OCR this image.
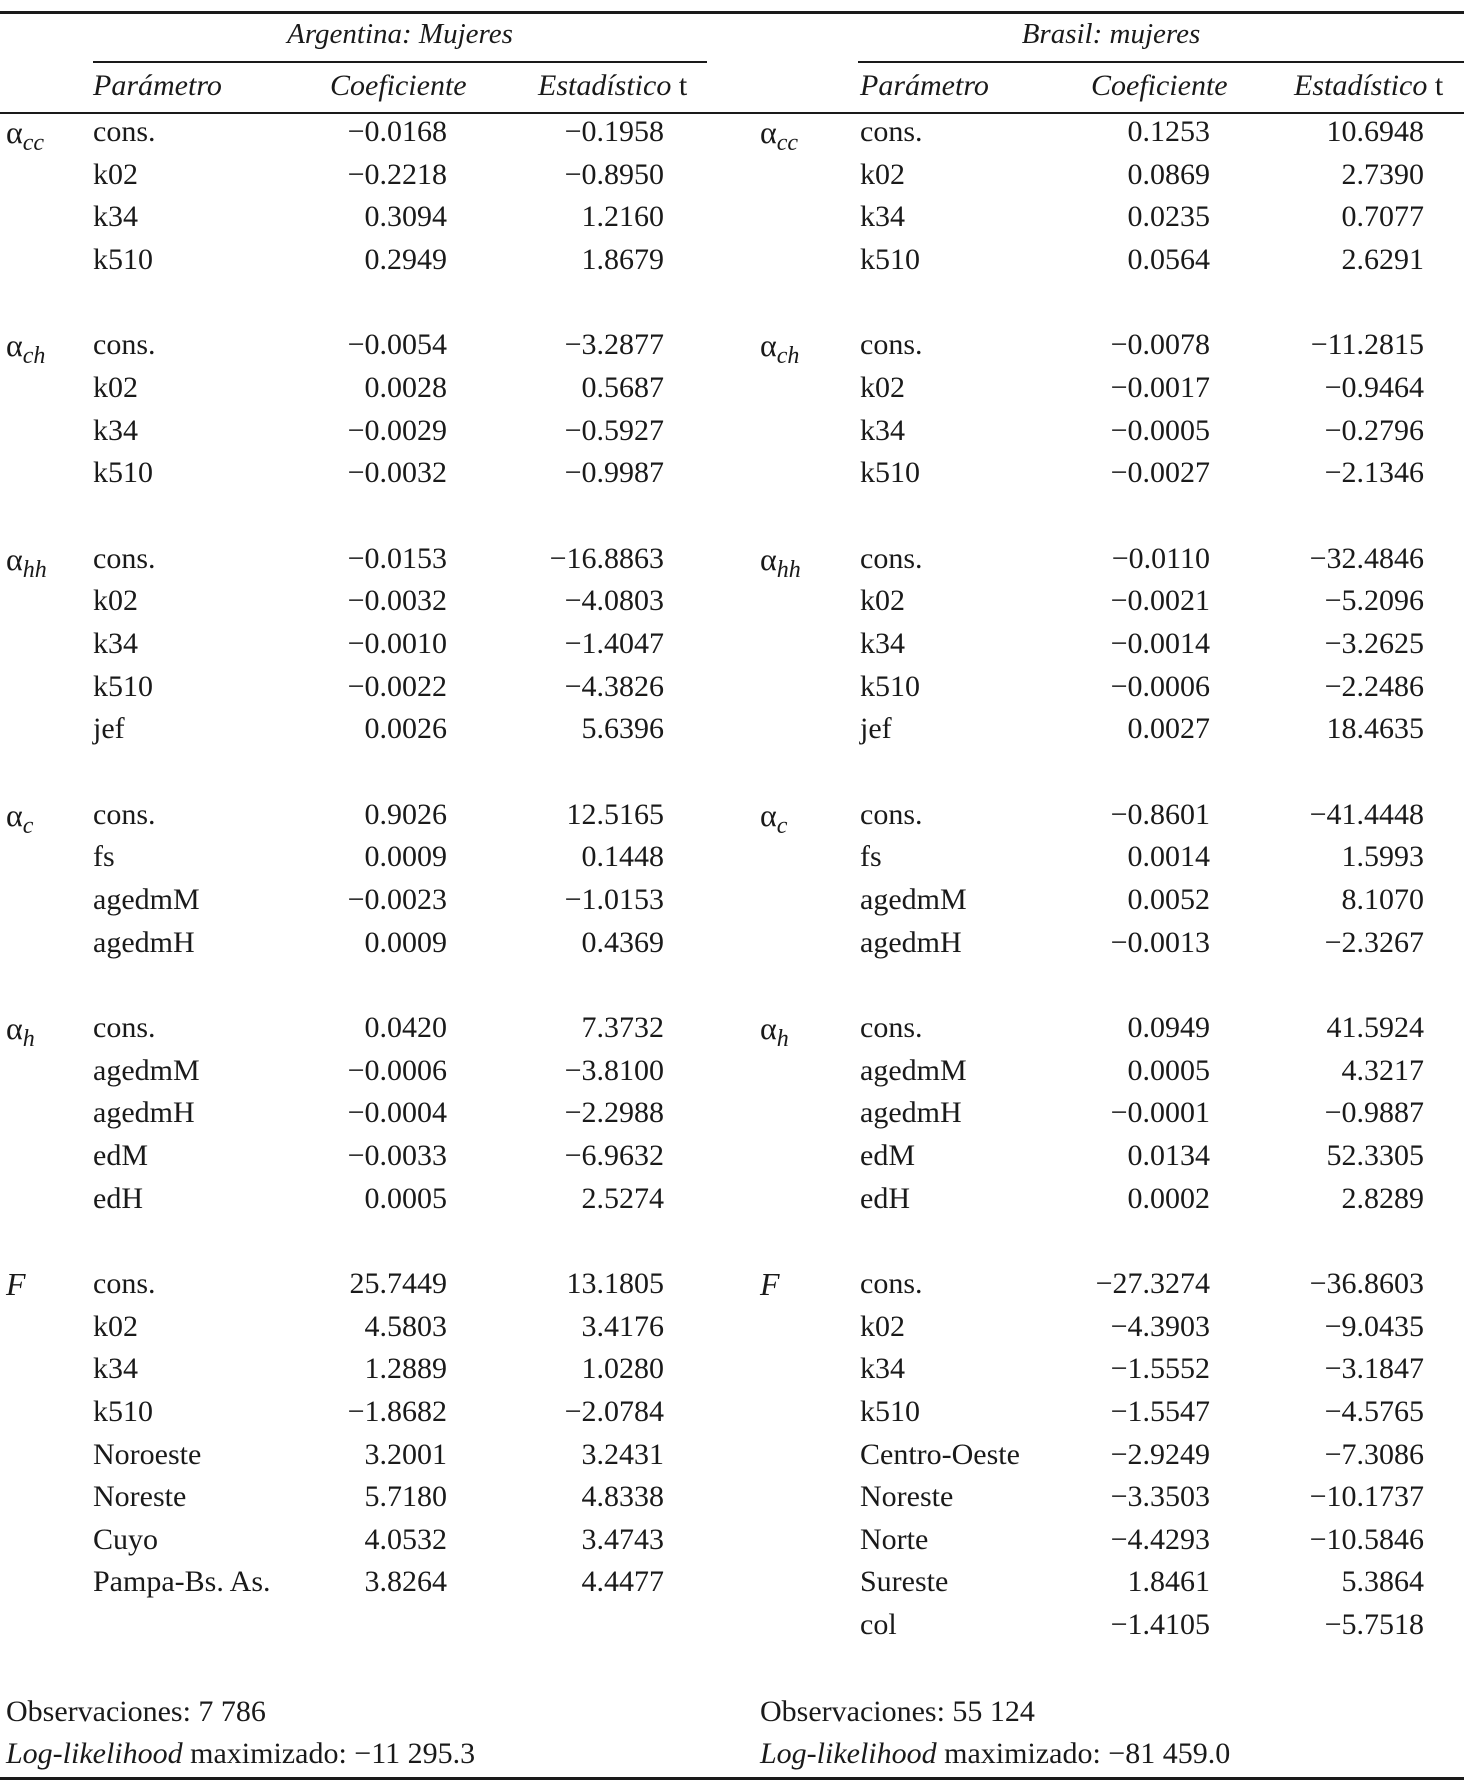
Argentina: Mujeres
Parámetro	Coeficiente Estadístico t
$\alpha_{cc}$ cons.	−0.0168	−0.1958
k02	−0.2218	−0.8950
k34	0.3094	1.2160
k510	0.2949	1.8679
$\alpha_{ch}$ cons.	−0.0054	−3.2877
k02	0.0028	0.5687
k34	−0.0029	−0.5927
k510	−0.0032	−0.9987
$\alpha_{hh}$ cons.	−0.0153	−16.8863
k02	−0.0032	−4.0803
k34	−0.0010	−1.4047
k510	−0.0022	−4.3826
jef	0.0026	5.6396
$\alpha_c$ cons.	0.9026	12.5165
fs	0.0009	0.1448
agedmM	−0.0023	−1.0153
agedmH	0.0009	0.4369
$\alpha_h$ cons.	0.0420	7.3732
agedmM	−0.0006	−3.8100
agedmH	−0.0004	−2.2988
edM	−0.0033	−6.9632
edH	0.0005	2.5274
F cons.	25.7449	13.1805
k02	4.5803	3.4176
k34	1.2889	1.0280
k510	−1.8682	−2.0784
Noroeste	3.2001	3.2431
Noreste	5.7180	4.8338
Cuyo	4.0532	3.4743
Pampa-Bs. As.	3.8264	4.4477
Observaciones: 7 786
Log-likelihood maximizado: −11 295.3
Brasil: mujeres
Parámetro	Coeficiente Estadístico t
$\alpha_{cc}$ cons.	0.1253	10.6948
k02	0.0869	2.7390
k34	0.0235	0.7077
k510	0.0564	2.6291
$\alpha_{ch}$ cons.	−0.0078	−11.2815
k02	−0.0017	−0.9464
k34	−0.0005	−0.2796
k510	−0.0027	−2.1346
$\alpha_{hh}$ cons.	−0.0110	−32.4846
k02	−0.0021	−5.2096
k34	−0.0014	−3.2625
k510	−0.0006	−2.2486
jef	0.0027	18.4635
$\alpha_c$ cons.	−0.8601	−41.4448
fs	0.0014	1.5993
agedmM	0.0052	8.1070
agedmH	−0.0013	−2.3267
$\alpha_h$ cons.	0.0949	41.5924
agedmM	0.0005	4.3217
agedmH	−0.0001	−0.9887
edM	0.0134	52.3305
edH	0.0002	2.8289
F	cons.	−27.3274	−36.8603
k02	−4.3903	−9.0435
k34	−1.5552	−3.1847
k510	−1.5547	−4.5765
Centro-Oeste	−2.9249	−7.3086
Noreste	−3.3503	−10.1737
Norte	−4.4293	−10.5846
Sureste	1.8461	5.3864
col	−1.4105	−5.7518
Observaciones: 55 124
Log-likelihood maximizado: −81 459.0
